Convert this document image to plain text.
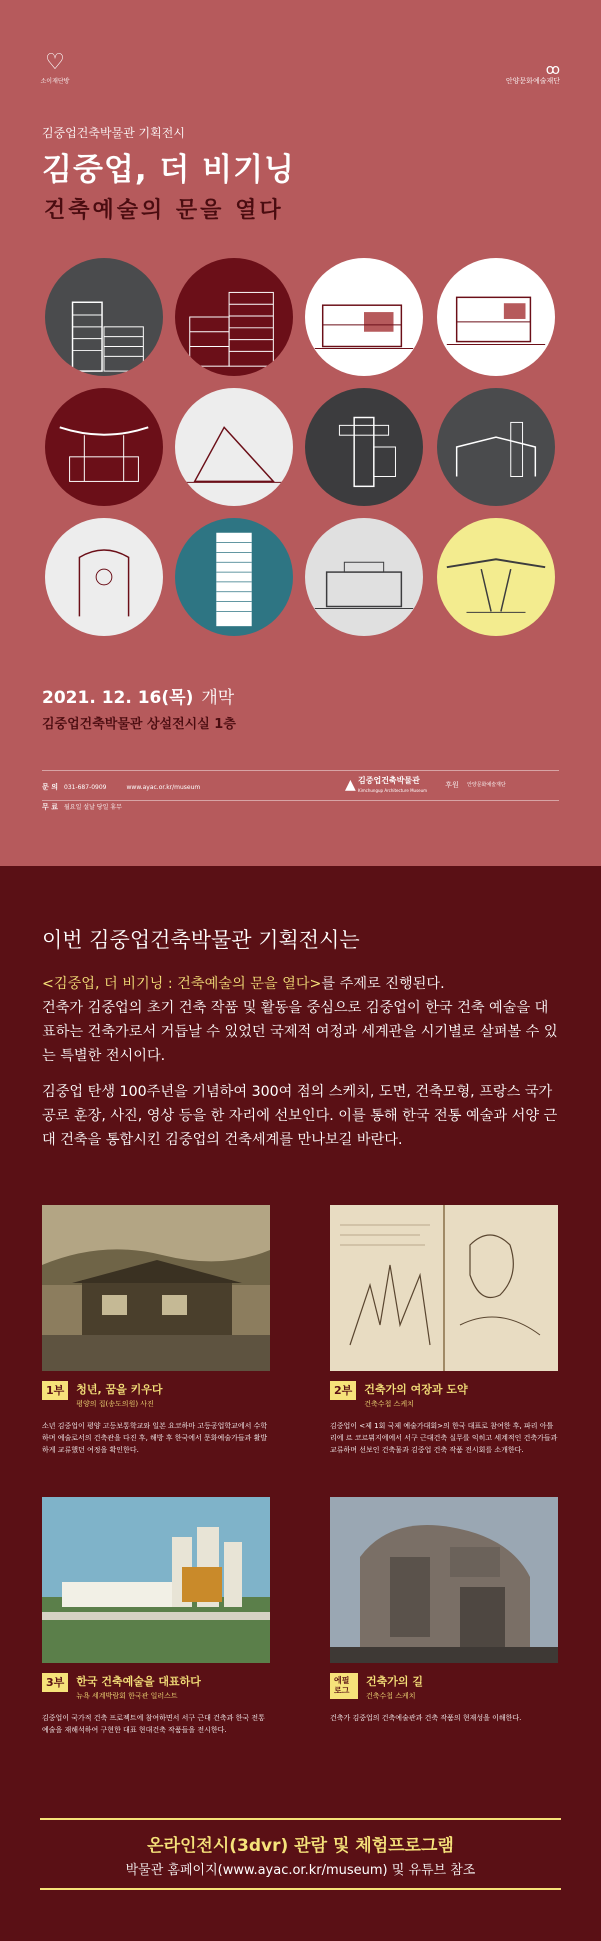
♡
소이재단방
ꝏ
안양문화예술재단
김중업건축박물관 기획전시
김중업, 더 비기닝
건축예술의 문을 열다
2021. 12. 16(목) 개막
김중업건축박물관 상설전시실 1층
문 의 031-687-0909	www.ayac.or.kr/museum
무 료 월요일 설날 당일 휴무
▲ 김중업건축박물관
Kimchungup Architecture Museum 후원 안양문화예술재단
이번 김중업건축박물관 기획전시는
<김중업, 더 비기닝 : 건축예술의 문을 열다>를 주제로 진행된다.
건축가 김중업의 초기 건축 작품 및 활동을 중심으로 김중업이 한국 건축 예술을 대표하는 건축가로서 거듭날 수 있었던 국제적 여정과 세계관을 시기별로 살펴볼 수 있는 특별한 전시이다.
김중업 탄생 100주년을 기념하여 300여 점의 스케치, 도면, 건축모형, 프랑스 국가공로 훈장, 사진, 영상 등을 한 자리에 선보인다. 이를 통해 한국 전통 예술과 서양 근대 건축을 통합시킨 김중업의 건축세계를 만나보길 바란다.
1부	청년, 꿈을 키우다
평양의 집(송도의원) 사진
소년 김중업이 평양 고등보통학교와 일본 요코하마 고등공업학교에서 수학하며 예술로서의 건축관을 다진 후, 해방 후 한국에서 문화예술가들과 활발하게 교류했던 여정을 확인한다.
2부	건축가의 여장과 도약
건축수첩 스케치
김중업이 <제 1회 국제 예술가대회>의 한국 대표로 참여한 후, 파리 아틀리에 르 코르뷔지에에서 서구 근대건축 실무를 익히고 세계적인 건축가들과 교류하며 선보인 건축물과 김중업 건축 작품 전시회를 소개한다.
3부	한국 건축예술을 대표하다
뉴욕 세계박람회 한국관 일러스트
김중업이 국가적 건축 프로젝트에 참여하면서 서구 근대 건축과 한국 전통예술을 재해석하여 구현한 대표 현대건축 작품들을 전시한다.
에필로그
건축가의 길
건축수첩 스케치
건축가 김중업의 건축예술관과 건축 작품의 현재성을 이해한다.
온라인전시(3dvr) 관람 및 체험프로그램
박물관 홈페이지(www.ayac.or.kr/museum) 및 유튜브 참조
